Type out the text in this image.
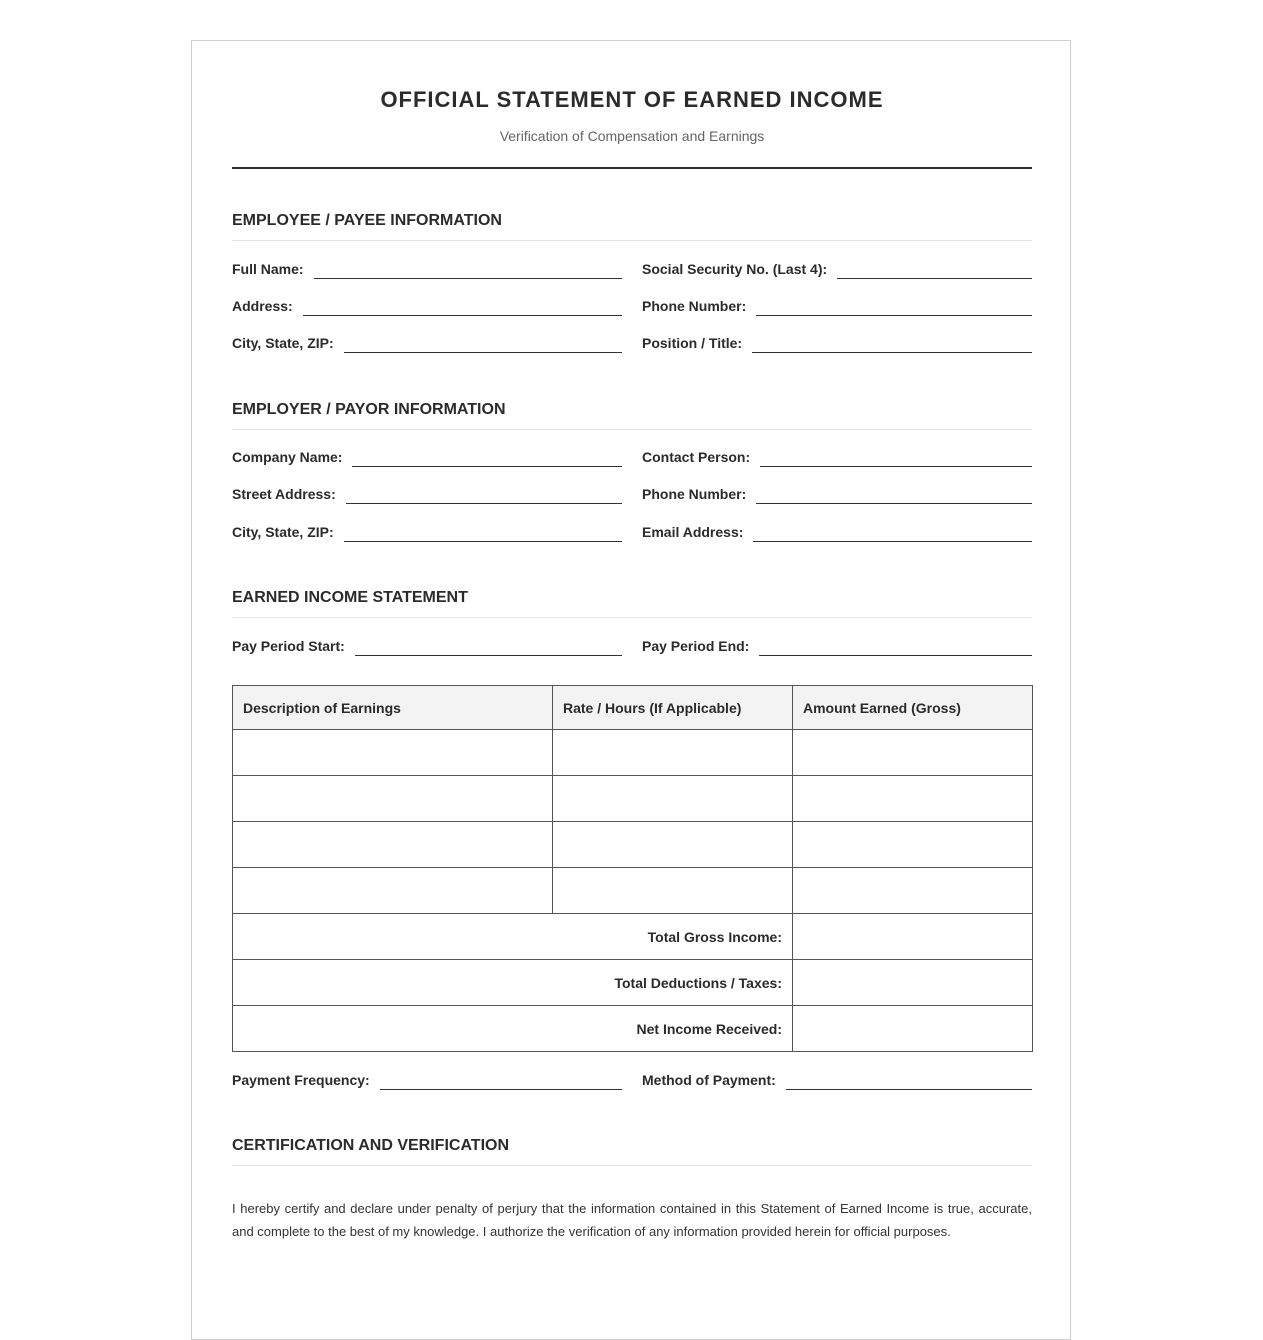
OFFICIAL STATEMENT OF EARNED INCOME
Verification of Compensation and Earnings
EMPLOYEE / PAYEE INFORMATION
Full Name:	Social Security No. (Last 4):
Address:	Phone Number:
City, State, ZIP:	Position / Title:
EMPLOYER / PAYOR INFORMATION
Company Name:	Contact Person:
Street Address:	Phone Number:
City, State, ZIP:	Email Address:
EARNED INCOME STATEMENT
Pay Period Start:	Pay Period End:
Description of Earnings	Rate / Hours (If Applicable)	Amount Earned (Gross)

Total Gross Income:		
Total Deductions / Taxes:		
Net Income Received:		
Payment Frequency:	Method of Payment:
CERTIFICATION AND VERIFICATION
I hereby certify and declare under penalty of perjury that the information contained in this Statement of Earned Income is true, accurate, and complete to the best of my knowledge. I authorize the verification of any information provided herein for official purposes.
